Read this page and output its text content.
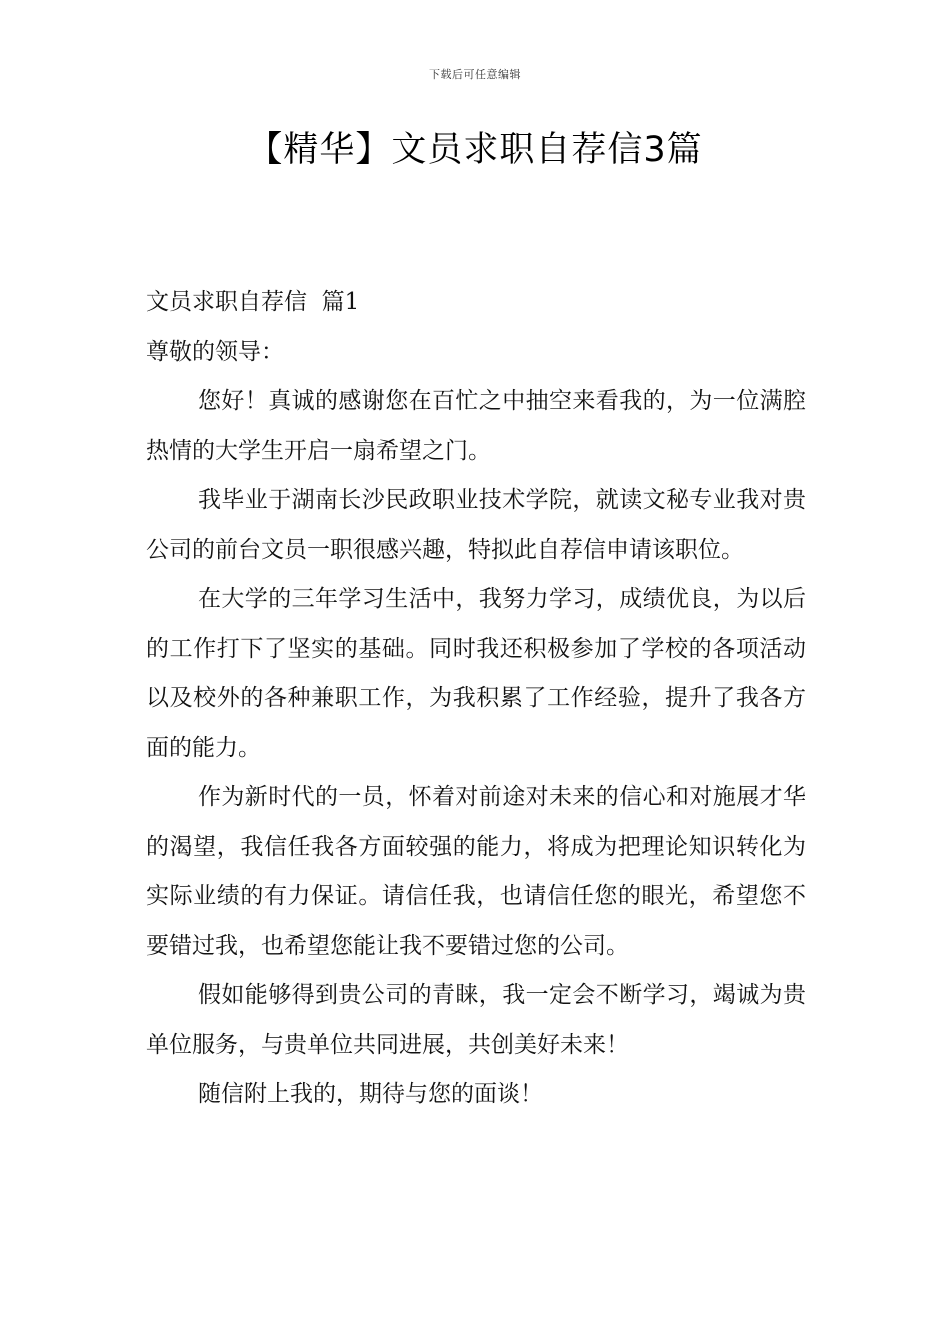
下载后可任意编辑
【精华】文员求职自荐信3篇

文员求职自荐信  篇1

尊敬的领导：

您好！真诚的感谢您在百忙之中抽空来看我的，为一位满腔热情的大学生开启一扇希望之门。

我毕业于湖南长沙民政职业技术学院，就读文秘专业我对贵公司的前台文员一职很感兴趣，特拟此自荐信申请该职位。

在大学的三年学习生活中，我努力学习，成绩优良，为以后的工作打下了坚实的基础。同时我还积极参加了学校的各项活动以及校外的各种兼职工作，为我积累了工作经验，提升了我各方面的能力。

作为新时代的一员，怀着对前途对未来的信心和对施展才华的渴望，我信任我各方面较强的能力，将成为把理论知识转化为实际业绩的有力保证。请信任我，也请信任您的眼光，希望您不要错过我，也希望您能让我不要错过您的公司。

假如能够得到贵公司的青睐，我一定会不断学习，竭诚为贵单位服务，与贵单位共同进展，共创美好未来！

随信附上我的，期待与您的面谈！
